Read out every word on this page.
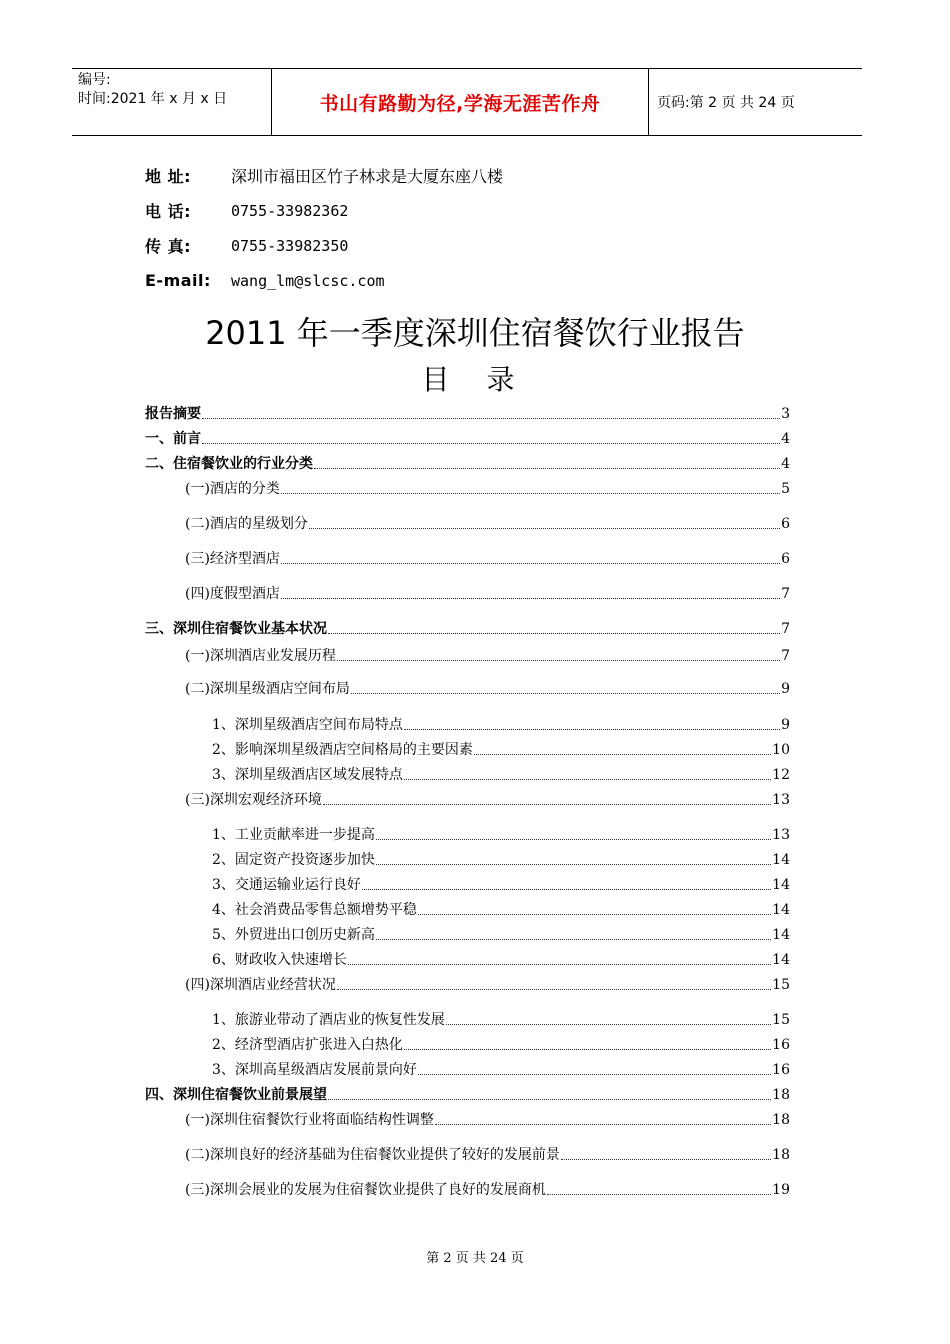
编号:
时间:2021 年 x 月 x 日	书山有路勤为径,学海无涯苦作舟	页码:第 2 页 共 24 页
地 址:	深圳市福田区竹子林求是大厦东座八楼
电 话:	0755-33982362
传 真:	0755-33982350
E-mail:	wang_lm@slcsc.com
2011 年一季度深圳住宿餐饮行业报告
目 录
报告摘要	3
一、前言	4
二、住宿餐饮业的行业分类	4
(一)酒店的分类	5
(二)酒店的星级划分	6
(三)经济型酒店	6
(四)度假型酒店	7
三、深圳住宿餐饮业基本状况	7
(一)深圳酒店业发展历程	7
(二)深圳星级酒店空间布局	9
1、深圳星级酒店空间布局特点	9
2、影响深圳星级酒店空间格局的主要因素	10
3、深圳星级酒店区域发展特点	12
(三)深圳宏观经济环境	13
1、工业贡献率进一步提高	13
2、固定资产投资逐步加快	14
3、交通运输业运行良好	14
4、社会消费品零售总额增势平稳	14
5、外贸进出口创历史新高	14
6、财政收入快速增长	14
(四)深圳酒店业经营状况	15
1、旅游业带动了酒店业的恢复性发展	15
2、经济型酒店扩张进入白热化	16
3、深圳高星级酒店发展前景向好	16
四、深圳住宿餐饮业前景展望	18
(一)深圳住宿餐饮行业将面临结构性调整	18
(二)深圳良好的经济基础为住宿餐饮业提供了较好的发展前景	18
(三)深圳会展业的发展为住宿餐饮业提供了良好的发展商机	19
第 2 页 共 24 页
